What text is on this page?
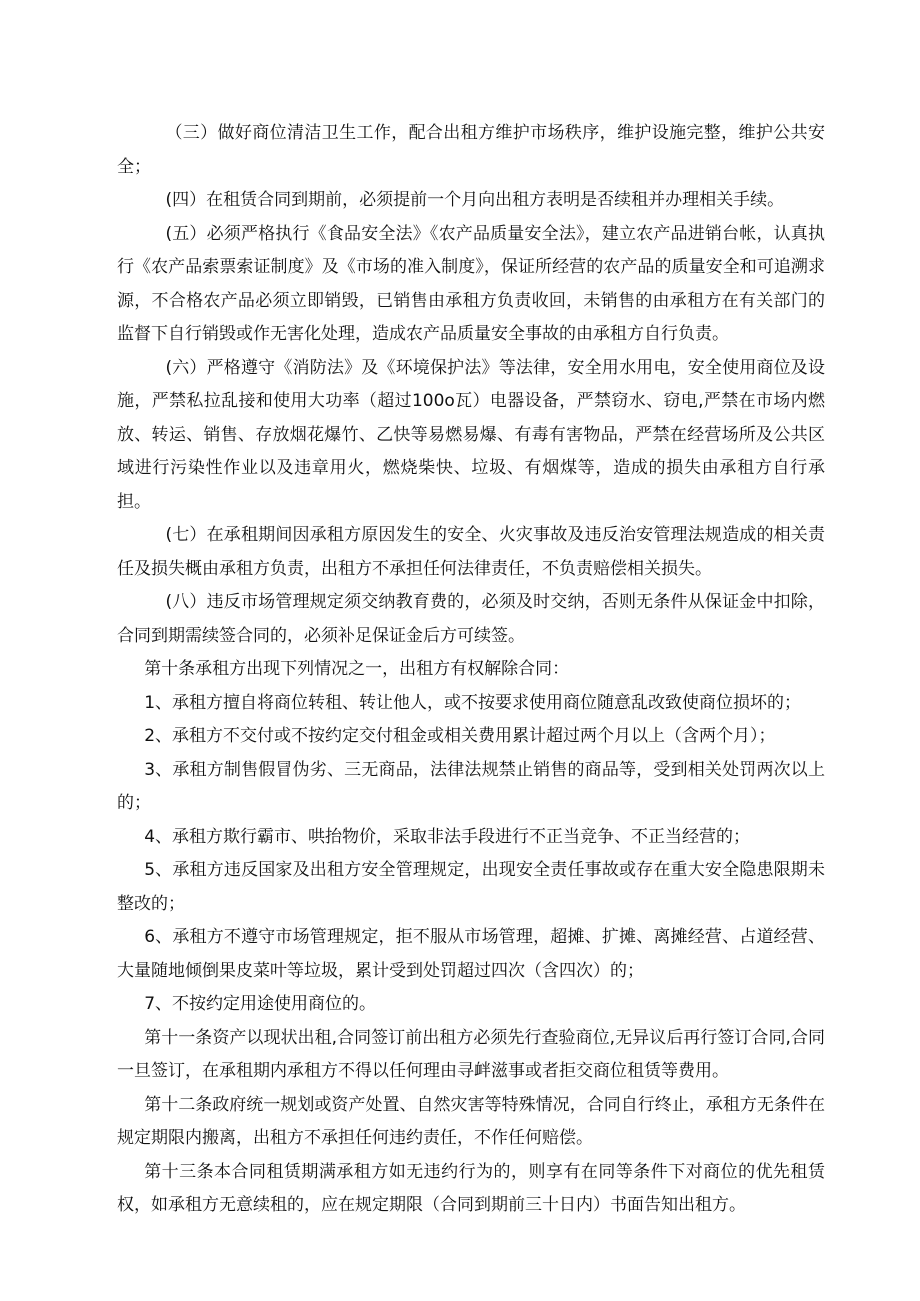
（三）做好商位清洁卫生工作，配合出租方维护市场秩序，维护设施完整，维护公共安全；

(四）在租赁合同到期前，必须提前一个月向出租方表明是否续租并办理相关手续。

(五）必须严格执行《食品安全法》《农产品质量安全法》，建立农产品进销台帐，认真执行《农产品索票索证制度》及《市场的准入制度》，保证所经营的农产品的质量安全和可追溯求源，不合格农产品必须立即销毁，已销售由承租方负责收回，未销售的由承租方在有关部门的监督下自行销毁或作无害化处理，造成农产品质量安全事故的由承租方自行负责。

(六）严格遵守《消防法》及《环境保护法》等法律，安全用水用电，安全使用商位及设施，严禁私拉乱接和使用大功率（超过100o瓦）电器设备，严禁窃水、窃电,严禁在市场内燃放、转运、销售、存放烟花爆竹、乙快等易燃易爆、有毒有害物品，严禁在经营场所及公共区域进行污染性作业以及违章用火，燃烧柴快、垃圾、有烟煤等，造成的损失由承租方自行承担。

(七）在承租期间因承租方原因发生的安全、火灾事故及违反治安管理法规造成的相关责任及损失概由承租方负责，出租方不承担任何法律责任，不负责赔偿相关损失。

(八）违反市场管理规定须交纳教育费的，必须及时交纳，否则无条件从保证金中扣除，合同到期需续签合同的，必须补足保证金后方可续签。

第十条承租方出现下列情况之一，出租方有权解除合同：

1、承租方擅自将商位转租、转让他人，或不按要求使用商位随意乱改致使商位损坏的；

2、承租方不交付或不按约定交付租金或相关费用累计超过两个月以上（含两个月）；

3、承租方制售假冒伪劣、三无商品，法律法规禁止销售的商品等，受到相关处罚两次以上的；

4、承租方欺行霸市、哄抬物价，采取非法手段进行不正当竞争、不正当经营的；

5、承租方违反国家及出租方安全管理规定，出现安全责任事故或存在重大安全隐患限期未整改的；

6、承租方不遵守市场管理规定，拒不服从市场管理，超摊、扩摊、离摊经营、占道经营、大量随地倾倒果皮菜叶等垃圾，累计受到处罚超过四次（含四次）的；

7、不按约定用途使用商位的。

第十一条资产以现状出租,合同签订前出租方必须先行查验商位,无异议后再行签订合同,合同一旦签订，在承租期内承租方不得以任何理由寻衅滋事或者拒交商位租赁等费用。

第十二条政府统一规划或资产处置、自然灾害等特殊情况，合同自行终止，承租方无条件在规定期限内搬离，出租方不承担任何违约责任，不作任何赔偿。

第十三条本合同租赁期满承租方如无违约行为的，则享有在同等条件下对商位的优先租赁权，如承租方无意续租的，应在规定期限（合同到期前三十日内）书面告知出租方。
